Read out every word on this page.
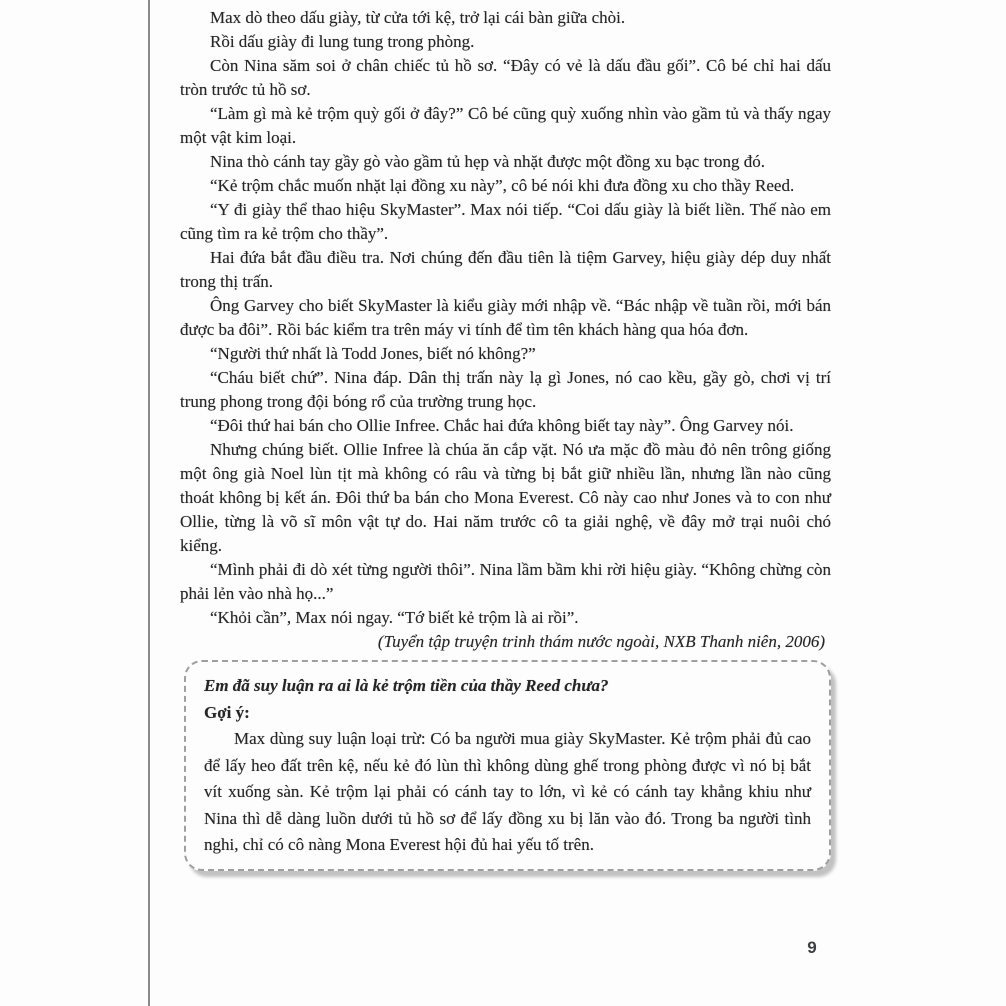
Max dò theo dấu giày, từ cửa tới kệ, trở lại cái bàn giữa chòi.

Rồi dấu giày đi lung tung trong phòng.

Còn Nina săm soi ở chân chiếc tủ hồ sơ. “Đây có vẻ là dấu đầu gối”. Cô bé chỉ hai dấu tròn trước tủ hồ sơ.

“Làm gì mà kẻ trộm quỳ gối ở đây?” Cô bé cũng quỳ xuống nhìn vào gầm tủ và thấy ngay một vật kim loại.

Nina thò cánh tay gầy gò vào gầm tủ hẹp và nhặt được một đồng xu bạc trong đó.

“Kẻ trộm chắc muốn nhặt lại đồng xu này”, cô bé nói khi đưa đồng xu cho thầy Reed.

“Y đi giày thể thao hiệu SkyMaster”. Max nói tiếp. “Coi dấu giày là biết liền. Thế nào em cũng tìm ra kẻ trộm cho thầy”.

Hai đứa bắt đầu điều tra. Nơi chúng đến đầu tiên là tiệm Garvey, hiệu giày dép duy nhất trong thị trấn.

Ông Garvey cho biết SkyMaster là kiểu giày mới nhập về. “Bác nhập về tuần rồi, mới bán được ba đôi”. Rồi bác kiểm tra trên máy vi tính để tìm tên khách hàng qua hóa đơn.

“Người thứ nhất là Todd Jones, biết nó không?”

“Cháu biết chứ”. Nina đáp. Dân thị trấn này lạ gì Jones, nó cao kều, gầy gò, chơi vị trí trung phong trong đội bóng rổ của trường trung học.

“Đôi thứ hai bán cho Ollie Infree. Chắc hai đứa không biết tay này”. Ông Garvey nói.

Nhưng chúng biết. Ollie Infree là chúa ăn cắp vặt. Nó ưa mặc đồ màu đỏ nên trông giống một ông già Noel lùn tịt mà không có râu và từng bị bắt giữ nhiều lần, nhưng lần nào cũng thoát không bị kết án. Đôi thứ ba bán cho Mona Everest. Cô này cao như Jones và to con như Ollie, từng là võ sĩ môn vật tự do. Hai năm trước cô ta giải nghệ, về đây mở trại nuôi chó kiểng.

“Mình phải đi dò xét từng người thôi”. Nina lầm bầm khi rời hiệu giày. “Không chừng còn phải lẻn vào nhà họ...”

“Khỏi cần”, Max nói ngay. “Tớ biết kẻ trộm là ai rồi”.

(Tuyển tập truyện trinh thám nước ngoài, NXB Thanh niên, 2006)

Em đã suy luận ra ai là kẻ trộm tiền của thầy Reed chưa?

Gợi ý:

Max dùng suy luận loại trừ: Có ba người mua giày SkyMaster. Kẻ trộm phải đủ cao để lấy heo đất trên kệ, nếu kẻ đó lùn thì không dùng ghế trong phòng được vì nó bị bắt vít xuống sàn. Kẻ trộm lại phải có cánh tay to lớn, vì kẻ có cánh tay khẳng khiu như Nina thì dễ dàng luồn dưới tủ hồ sơ để lấy đồng xu bị lăn vào đó. Trong ba người tình nghi, chỉ có cô nàng Mona Everest hội đủ hai yếu tố trên.

9
